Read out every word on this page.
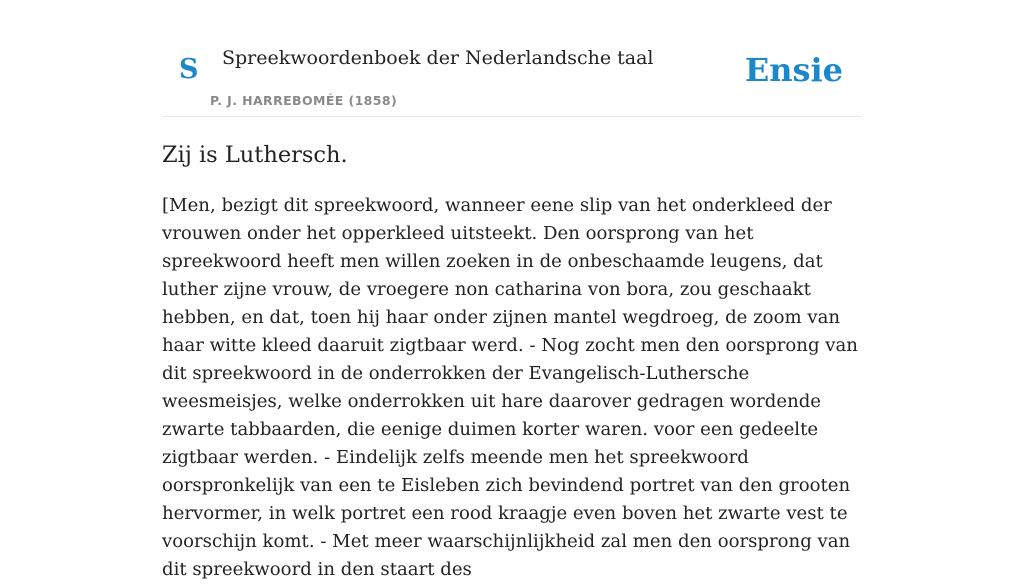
S Spreekwoordenboek der Nederlandsche taal
P. J. HARREBOMÉE (1858)
Ensie
Zij is Luthersch.

[Men, bezigt dit spreekwoord, wanneer eene slip van het onderkleed der vrouwen onder het opperkleed uitsteekt. Den oorsprong van het spreekwoord heeft men willen zoeken in de onbeschaamde leugens, dat luther zijne vrouw, de vroegere non catharina von bora, zou geschaakt hebben, en dat, toen hij haar onder zijnen mantel wegdroeg, de zoom van haar witte kleed daaruit zigtbaar werd. - Nog zocht men den oorsprong van dit spreekwoord in de onderrokken der Evangelisch-Luthersche weesmeisjes, welke onderrokken uit hare daarover gedragen wordende zwarte tabbaarden, die eenige duimen korter waren. voor een gedeelte zigtbaar werden. - Eindelijk zelfs meende men het spreekwoord oorspronkelijk van een te Eisleben zich bevindend portret van den grooten hervormer, in welk portret een rood kraagje even boven het zwarte vest te voorschijn komt. - Met meer waarschijnlijkheid zal men den oorsprong van dit spreekwoord in den staart des
